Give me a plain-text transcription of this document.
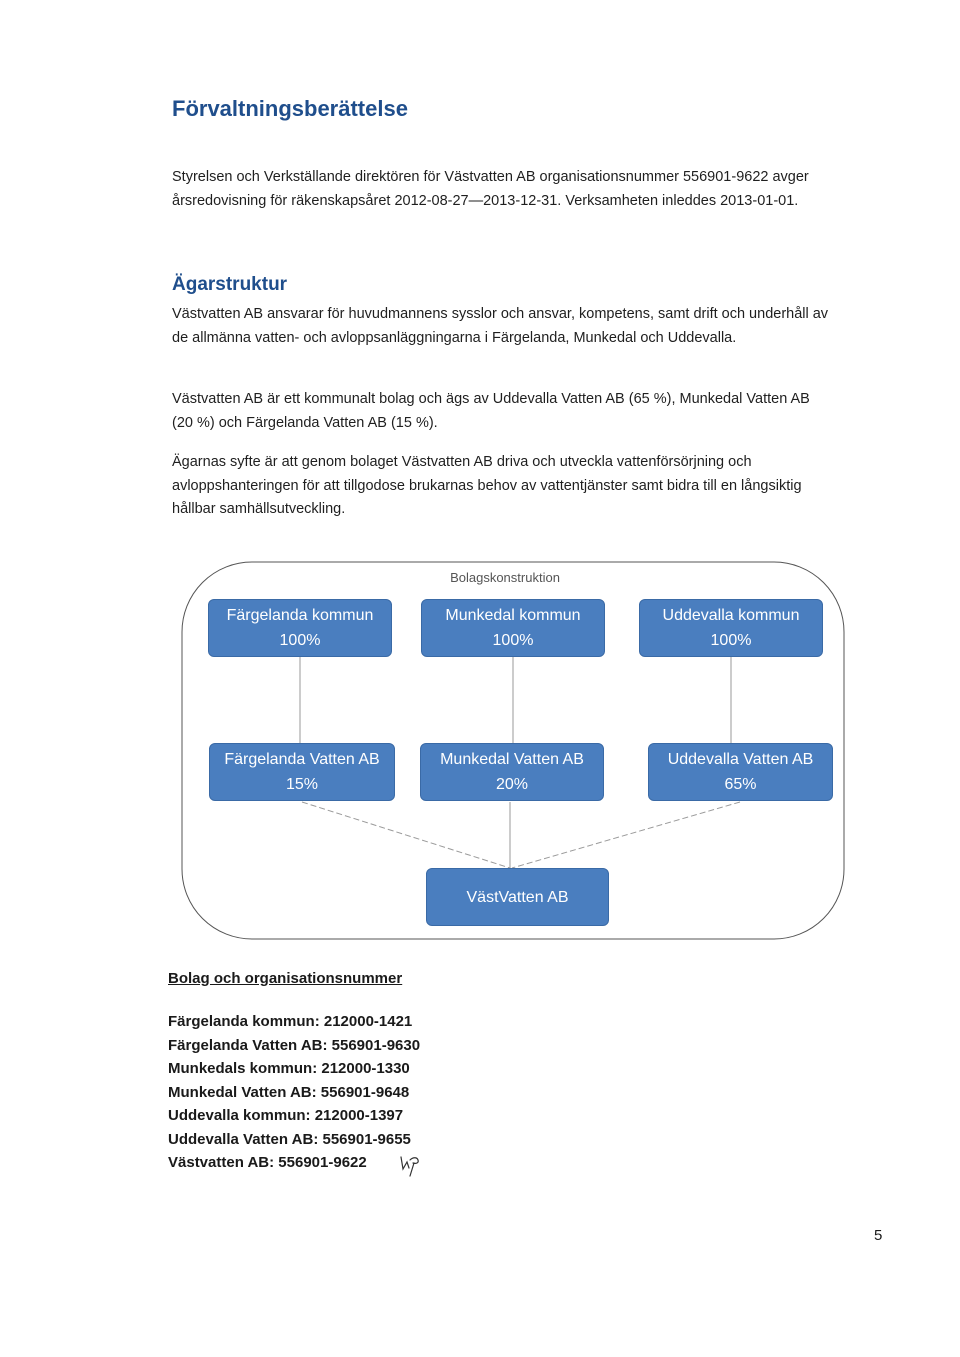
Förvaltningsberättelse

Styrelsen och Verkställande direktören för Västvatten AB organisationsnummer 556901-9622 avger årsredovisning för räkenskapsåret 2012-08-27—2013-12-31. Verksamheten inleddes 2013-01-01.

Ägarstruktur

Västvatten AB ansvarar för huvudmannens sysslor och ansvar, kompetens, samt drift och underhåll av de allmänna vatten- och avloppsanläggningarna i Färgelanda, Munkedal och Uddevalla.

Västvatten AB är ett kommunalt bolag och ägs av Uddevalla Vatten AB (65 %), Munkedal Vatten AB (20 %) och Färgelanda Vatten AB (15 %).

Ägarnas syfte är att genom bolaget Västvatten AB driva och utveckla vattenförsörjning och avloppshanteringen för att tillgodose brukarnas behov av vattentjänster samt bidra till en långsiktig hållbar samhällsutveckling.

Bolagskonstruktion
Färgelanda kommun
100%
Munkedal kommun
100%
Uddevalla kommun
100%
Färgelanda Vatten AB
15%
Munkedal Vatten AB
20%
Uddevalla Vatten AB
65%
VästVatten AB
Bolag och organisationsnummer
Färgelanda kommun: 212000-1421
Färgelanda Vatten AB: 556901-9630
Munkedals kommun: 212000-1330
Munkedal Vatten AB: 556901-9648
Uddevalla kommun: 212000-1397
Uddevalla Vatten AB: 556901-9655
Västvatten AB: 556901-9622
5
